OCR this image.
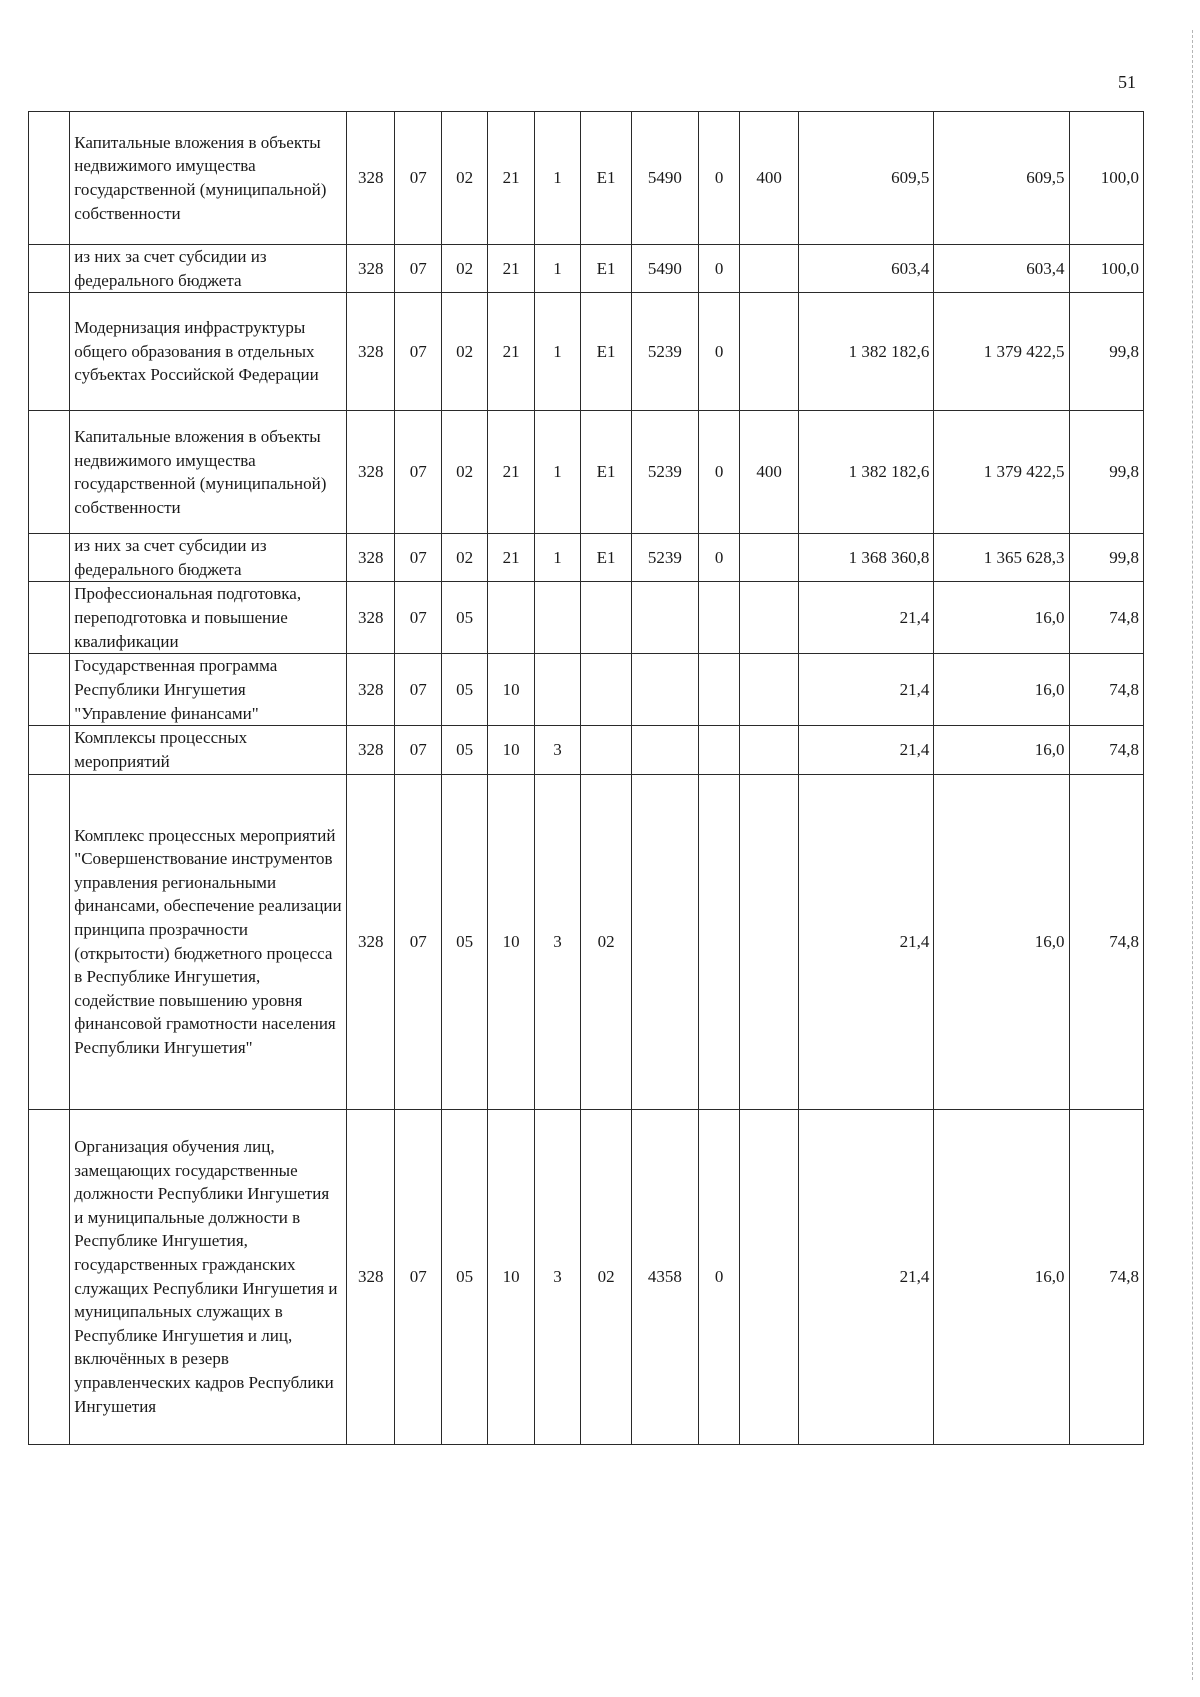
51
	Капитальные вложения в объекты недвижимого имущества государственной (муниципальной) собственности	328	07	02	21	1	Е1	5490	0	400	609,5	609,5	100,0
	из них за счет субсидии из федерального бюджета	328	07	02	21	1	Е1	5490	0		603,4	603,4	100,0
	Модернизация инфраструктуры общего образования в отдельных субъектах Российской Федерации	328	07	02	21	1	Е1	5239	0		1 382 182,6	1 379 422,5	99,8
	Капитальные вложения в объекты недвижимого имущества государственной (муниципальной) собственности	328	07	02	21	1	Е1	5239	0	400	1 382 182,6	1 379 422,5	99,8
	из них за счет субсидии из федерального бюджета	328	07	02	21	1	Е1	5239	0		1 368 360,8	1 365 628,3	99,8
	Профессиональная подготовка, переподготовка и повышение квалификации	328	07	05							21,4	16,0	74,8
	Государственная программа Республики Ингушетия "Управление финансами"	328	07	05	10						21,4	16,0	74,8
	Комплексы процессных мероприятий	328	07	05	10	3					21,4	16,0	74,8
	Комплекс процессных мероприятий "Совершенствование инструментов управления региональными финансами, обеспечение реализации принципа прозрачности (открытости) бюджетного процесса в Республике Ингушетия, содействие повышению уровня финансовой грамотности населения Республики Ингушетия"	328	07	05	10	3	02				21,4	16,0	74,8
	Организация обучения лиц, замещающих государственные должности Республики Ингушетия и муниципальные должности в Республике Ингушетия, государственных гражданских служащих Республики Ингушетия и муниципальных служащих в Республике Ингушетия и лиц, включённых в резерв управленческих кадров Республики Ингушетия	328	07	05	10	3	02	4358	0		21,4	16,0	74,8
